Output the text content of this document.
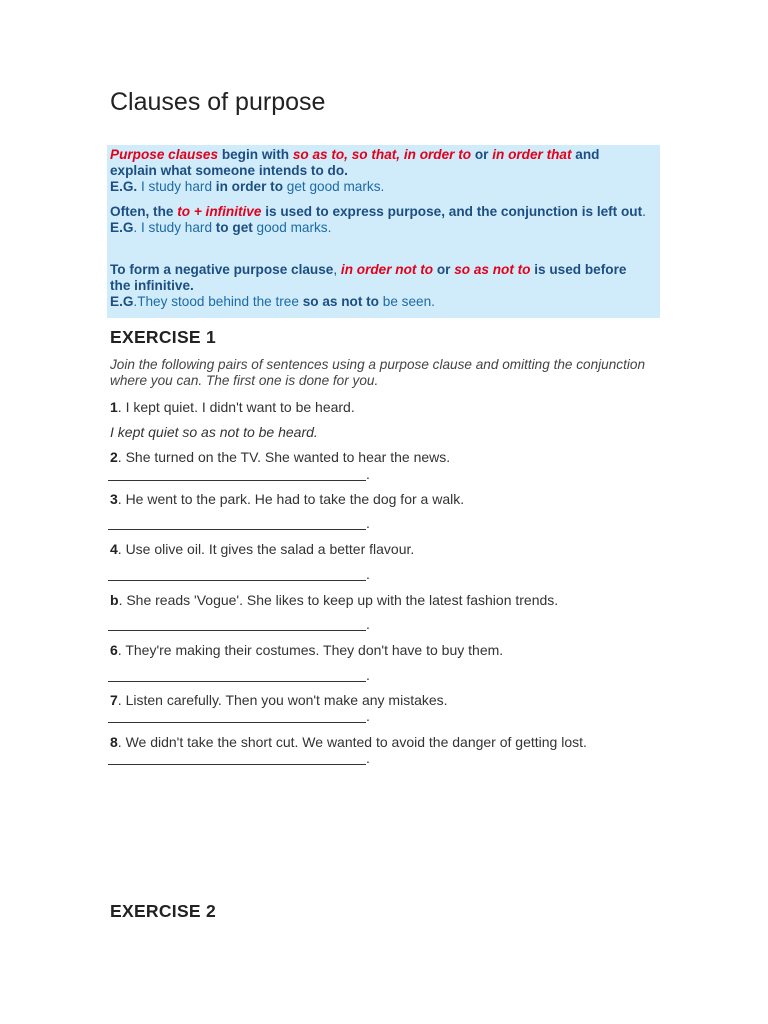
Clauses of purpose
Purpose clauses begin with so as to, so that, in order to or in order that and explain what someone intends to do.
E.G. I study hard in order to get good marks.
Often, the to + infinitive is used to express purpose, and the conjunction is left out.
E.G. I study hard to get good marks.
To form a negative purpose clause, in order not to or so as not to is used before the infinitive.
E.G.They stood behind the tree so as not to be seen.
EXERCISE 1
Join the following pairs of sentences using a purpose clause and omitting the conjunction where you can. The first one is done for you.
1. I kept quiet. I didn't want to be heard.
I kept quiet so as not to be heard.
2. She turned on the TV. She wanted to hear the news.
.
3. He went to the park. He had to take the dog for a walk.
.
4. Use olive oil. It gives the salad a better flavour.
.
b. She reads 'Vogue'. She likes to keep up with the latest fashion trends.
.
6. They're making their costumes. They don't have to buy them.
.
7. Listen carefully. Then you won't make any mistakes.
.
8. We didn't take the short cut. We wanted to avoid the danger of getting lost.
.
EXERCISE 2
